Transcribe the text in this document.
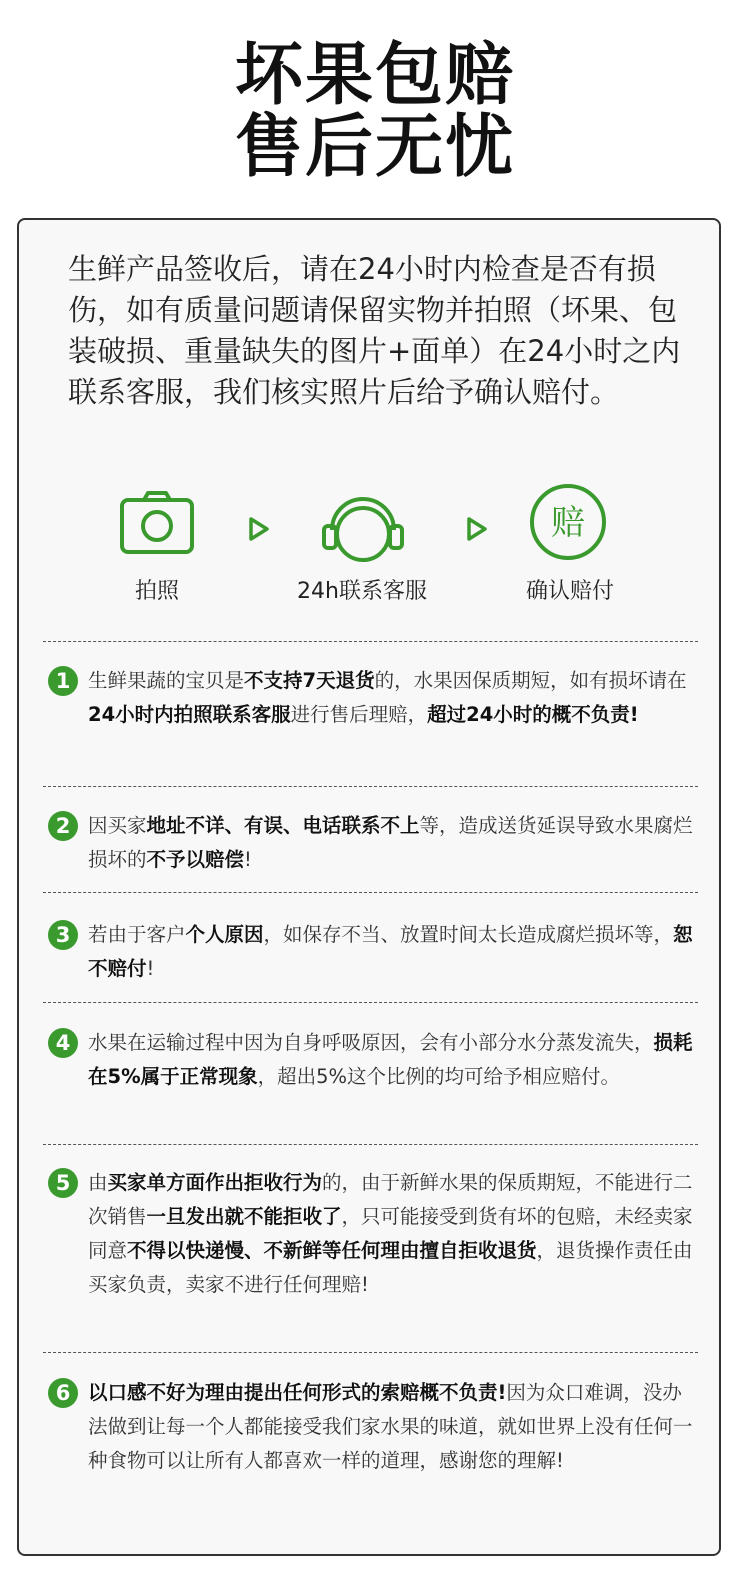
坏果包赔
售后无忧
生鲜产品签收后，请在24小时内检查是否有损伤，如有质量问题请保留实物并拍照（坏果、包装破损、重量缺失的图片+面单）在24小时之内联系客服，我们核实照片后给予确认赔付。
拍照	24h联系客服
赔
确认赔付
1 生鲜果蔬的宝贝是不支持7天退货的，水果因保质期短，如有损坏请在24小时内拍照联系客服进行售后理赔，超过24小时的概不负责!
2 因买家地址不详、有误、电话联系不上等，造成送货延误导致水果腐烂损坏的不予以赔偿!
3 若由于客户个人原因，如保存不当、放置时间太长造成腐烂损坏等，恕不赔付!
4 水果在运输过程中因为自身呼吸原因，会有小部分水分蒸发流失，损耗在5%属于正常现象，超出5%这个比例的均可给予相应赔付。
5 由买家单方面作出拒收行为的，由于新鲜水果的保质期短，不能进行二次销售一旦发出就不能拒收了，只可能接受到货有坏的包赔，未经卖家同意不得以快递慢、不新鲜等任何理由擅自拒收退货，退货操作责任由买家负责，卖家不进行任何理赔!
6 以口感不好为理由提出任何形式的索赔概不负责!因为众口难调，没办法做到让每一个人都能接受我们家水果的味道，就如世界上没有任何一种食物可以让所有人都喜欢一样的道理，感谢您的理解!
